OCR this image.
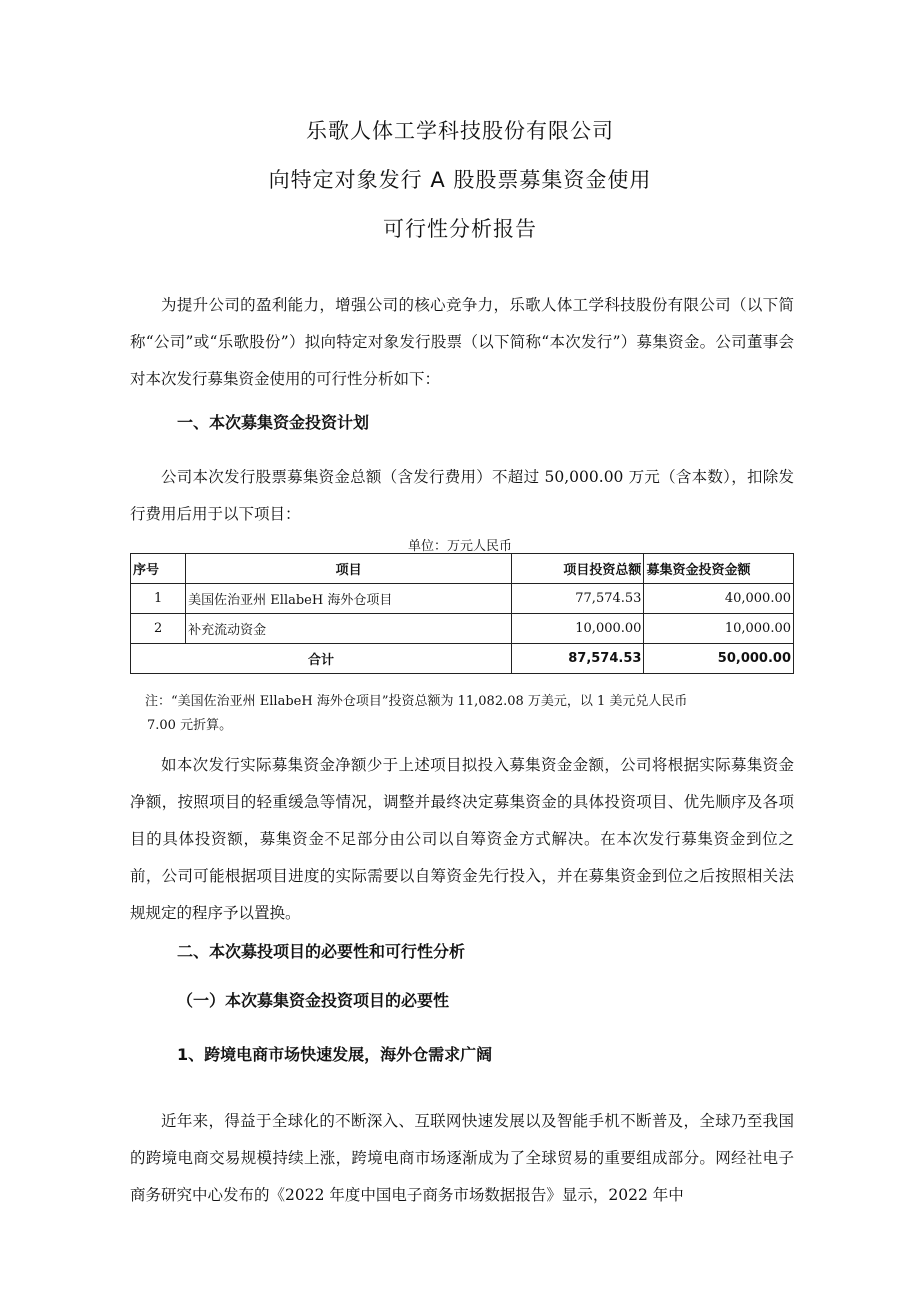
乐歌人体工学科技股份有限公司
向特定对象发行 A 股股票募集资金使用
可行性分析报告

为提升公司的盈利能力，增强公司的核心竞争力，乐歌人体工学科技股份有限公司（以下简称“公司”或“乐歌股份”）拟向特定对象发行股票（以下简称“本次发行”）募集资金。公司董事会对本次发行募集资金使用的可行性分析如下：

一、本次募集资金投资计划

公司本次发行股票募集资金总额（含发行费用）不超过 50,000.00 万元（含本数），扣除发行费用后用于以下项目：

单位：万元人民币
序号	项目	项目投资总额	募集资金投资金额
1	美国佐治亚州 EllabeH 海外仓项目	77,574.53	40,000.00
2	补充流动资金	10,000.00	10,000.00
合计		87,574.53	50,000.00
注：“美国佐治亚州 EllabeH 海外仓项目”投资总额为 11,082.08 万美元，以 1 美元兑人民币
7.00 元折算。

如本次发行实际募集资金净额少于上述项目拟投入募集资金金额，公司将根据实际募集资金净额，按照项目的轻重缓急等情况，调整并最终决定募集资金的具体投资项目、优先顺序及各项目的具体投资额，募集资金不足部分由公司以自筹资金方式解决。在本次发行募集资金到位之前，公司可能根据项目进度的实际需要以自筹资金先行投入，并在募集资金到位之后按照相关法规规定的程序予以置换。

二、本次募投项目的必要性和可行性分析
（一）本次募集资金投资项目的必要性
1、跨境电商市场快速发展，海外仓需求广阔

近年来，得益于全球化的不断深入、互联网快速发展以及智能手机不断普及，全球乃至我国的跨境电商交易规模持续上涨，跨境电商市场逐渐成为了全球贸易的重要组成部分。网经社电子商务研究中心发布的《2022 年度中国电子商务市场数据报告》显示，2022 年中
